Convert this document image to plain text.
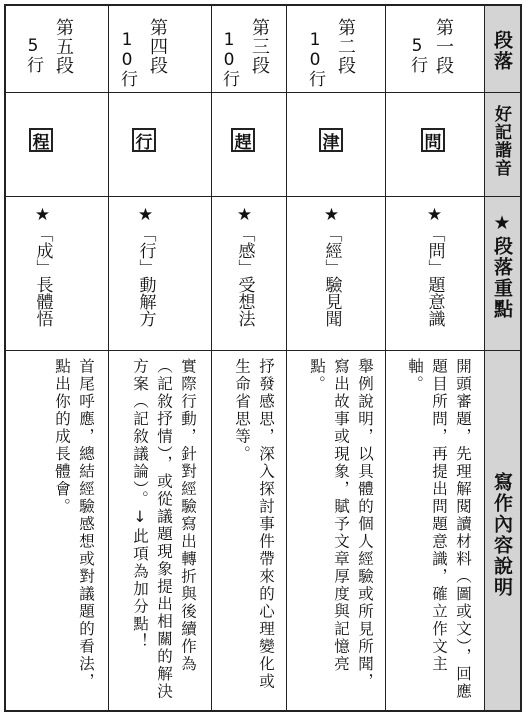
段落
好記諧音
★段落重點
寫作內容說明
第一段
5行
問
★「問」題意識
開頭審題，先理解閱讀材料（圖或文），回應題目所問，再提出問題意識，確立作文主軸。
第二段
10行
津
★「經」驗見聞
舉例說明，以具體的個人經驗或所見所聞，寫出故事或現象，賦予文章厚度與記憶亮點。
第三段
10行
趕
★「感」受想法
抒發感思，深入探討事件帶來的心理變化或生命省思等。
第四段
10行
行
★「行」動解方
實際行動，針對經驗寫出轉折與後續作為（記敘抒情），或從議題現象提出相關的解決方案（記敘議論）。↓此項為加分點！
第五段
5行
程
★「成」長體悟
首尾呼應，總結經驗感想或對議題的看法，點出你的成長體會。
